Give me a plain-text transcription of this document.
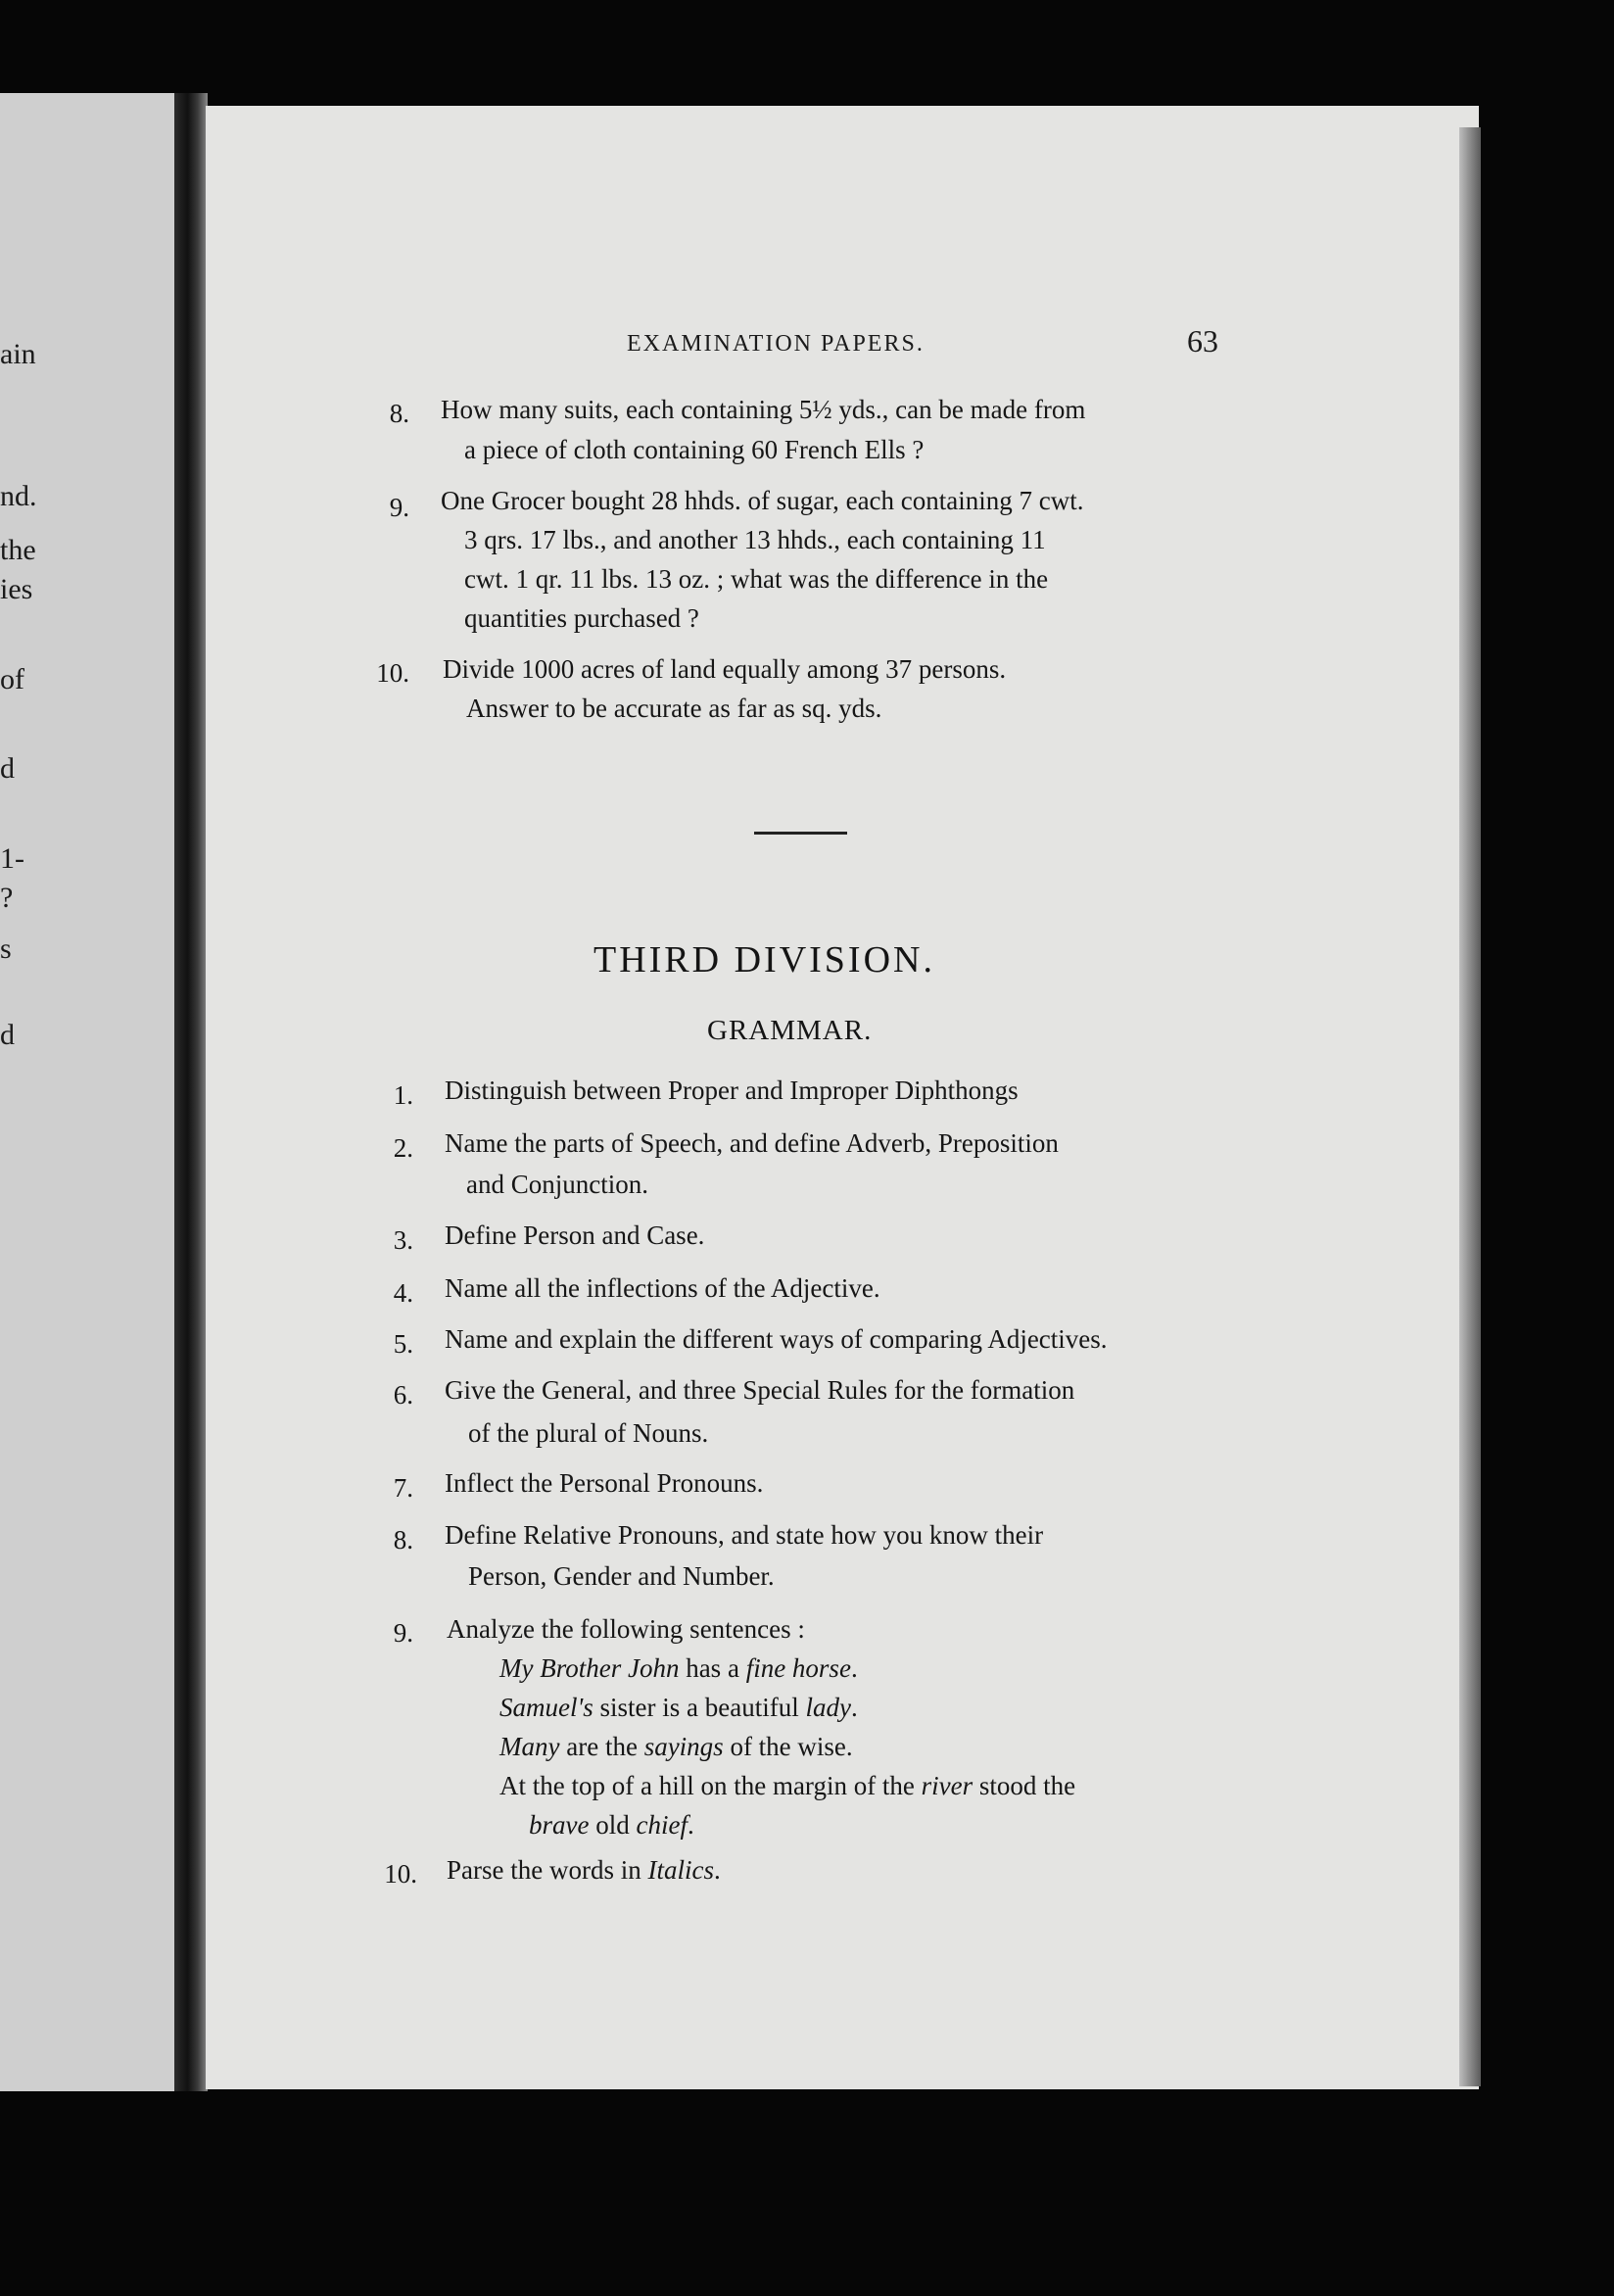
ain
nd.
the
ies
of
d
1-
?
s
d
EXAMINATION PAPERS.	63
8. How many suits, each containing 5½ yds., can be made from
a piece of cloth containing 60 French Ells ?
9. One Grocer bought 28 hhds. of sugar, each containing 7 cwt.
3 qrs. 17 lbs., and another 13 hhds., each containing 11
cwt. 1 qr. 11 lbs. 13 oz. ; what was the difference in the
quantities purchased ?
10. Divide 1000 acres of land equally among 37 persons.
Answer to be accurate as far as sq. yds.
THIRD DIVISION.
GRAMMAR.
1. Distinguish between Proper and Improper Diphthongs
2. Name the parts of Speech, and define Adverb, Preposition
and Conjunction.
3. Define Person and Case.
4. Name all the inflections of the Adjective.
5. Name and explain the different ways of comparing Adjectives.
6. Give the General, and three Special Rules for the formation
of the plural of Nouns.
7. Inflect the Personal Pronouns.
8. Define Relative Pronouns, and state how you know their
Person, Gender and Number.
9. Analyze the following sentences :
My Brother John has a fine horse.
Samuel's sister is a beautiful lady.
Many are the sayings of the wise.
At the top of a hill on the margin of the river stood the
brave old chief.
10. Parse the words in Italics.
